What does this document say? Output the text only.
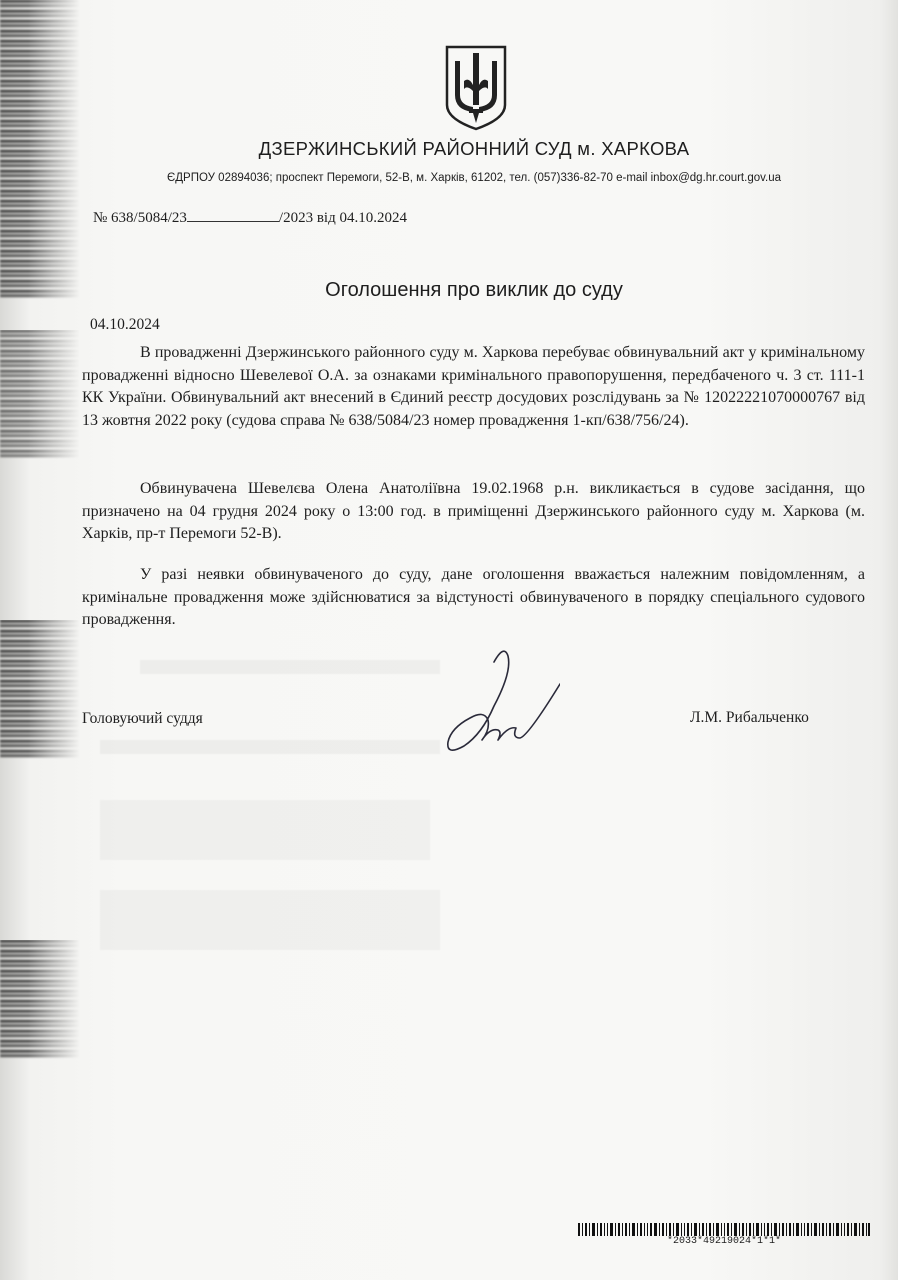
ДЗЕРЖИНСЬКИЙ РАЙОННИЙ СУД м. ХАРКОВА
ЄДРПОУ 02894036; проспект Перемоги, 52-В, м. Харків, 61202, тел. (057)336-82-70 e-mail inbox@dg.hr.court.gov.ua
№ 638/5084/23	/2023 від 04.10.2024
Оголошення про виклик до суду
04.10.2024

В провадженні Дзержинського районного суду м. Харкова перебуває обвинувальний акт у кримінальному провадженні відносно Шевелевої О.А. за ознаками кримінального правопорушення, передбаченого ч. 3 ст. 111-1 КК України. Обвинувальний акт внесений в Єдиний реєстр досудових розслідувань за № 12022221070000767 від 13 жовтня 2022 року (судова справа № 638/5084/23 номер провадження 1-кп/638/756/24).

Обвинувачена Шевелєва Олена Анатоліївна 19.02.1968 р.н. викликається в судове засідання, що призначено на 04 грудня 2024 року о 13:00 год. в приміщенні Дзержинського районного суду м. Харкова (м. Харків, пр-т Перемоги 52-В).

У разі неявки обвинуваченого до суду, дане оголошення вважається належним повідомленням, а кримінальне провадження може здійснюватися за відстуності обвинуваченого в порядку спеціального судового провадження.

Головуючий суддя	Л.М. Рибальченко
*2033*49219024*1*1*
